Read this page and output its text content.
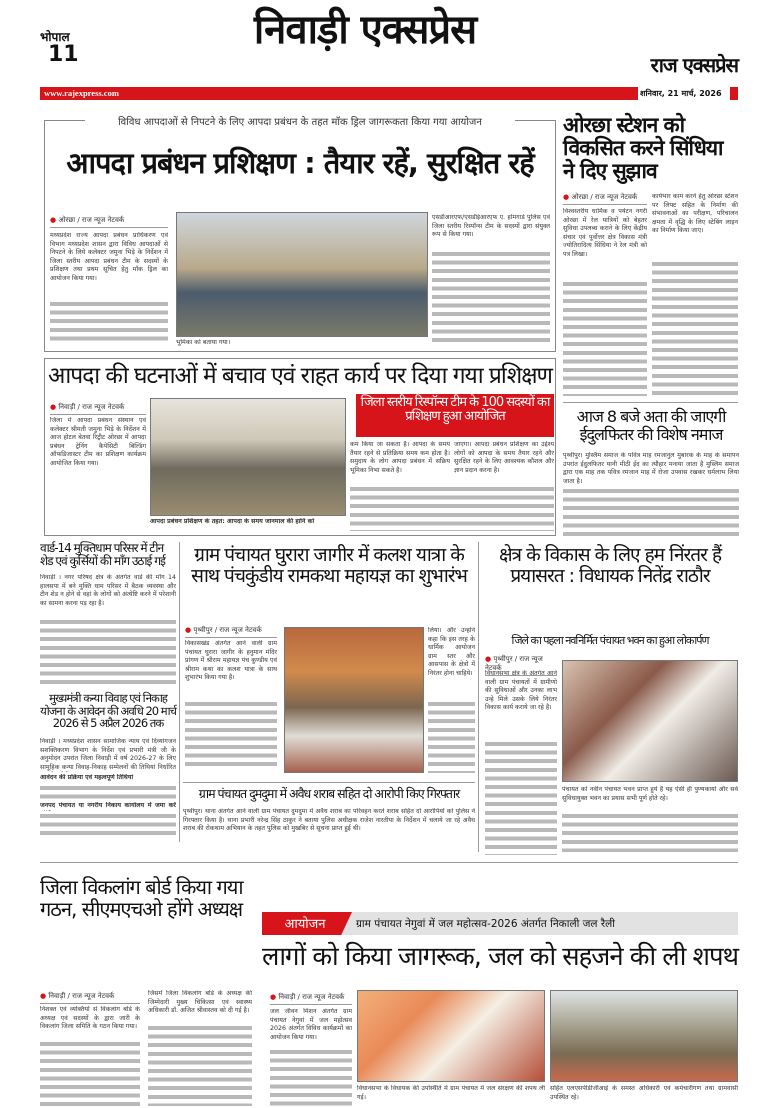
भोपाल
11
निवाड़ी एक्सप्रेस
राज एक्सप्रेस
www.rajexpress.com	शनिवार, 21 मार्च, 2026
विविध आपदाओं से निपटने के लिए आपदा प्रबंधन के तहत मॉक ड्रिल जागरूकता किया गया आयोजन
आपदा प्रबंधन प्रशिक्षण : तैयार रहें, सुरक्षित रहें
● ओरछा / राज न्यूज नेटवर्क
मध्यप्रदेश राज्य आपदा प्रबंधन प्राधिकरण एवं विभाग मध्यप्रदेश शासन द्वारा विविध आपदाओं से निपटने के लिये कलेक्टर जमुना भिड़े के निर्देशन में जिला स्तरीय आपदा प्रबंधन टीम के सदस्यों के प्रशिक्षण तथा प्रथम सूचित हेतु मॉक ड्रिल का आयोजन किया गया।
भूमिका को बताया गया।
एसडीआरएफ/एसडीईआरएफ ए. होमगार्ड पुलिस एवं जिला स्तरीय रिस्पॉन्स टीम के सदस्यों द्वारा संयुक्त रूप से किया गया।
ओरछा स्टेशन को विकसित करने सिंधिया ने दिए सुझाव
● ओरछा / राज न्यूज नेटवर्क
विश्वस्तरीय धार्मिक व पर्यटन नगरी ओरछा में रेल यात्रियों को बेहतर सुविधा उपलब्ध कराने के लिए केंद्रीय संचार एवं पूर्वोत्तर क्षेत्र विकास मंत्री ज्योतिरादित्य सिंधिया ने रेल मंत्री को पत्र लिखा।
कार्यभार काम करने हेतु ओरछा स्टेशन पर लिफ्ट सहित के निर्माण की संभावनाओं का परीक्षण, परिचालन क्षमता में वृद्धि के लिए स्टेबिंग लाइन का निर्माण किया जाए।
आज 8 बजे अता की जाएगी ईदुलफितर की विशेष नमाज
पृथ्वीपुर। मुस्लिम समाज के पवित्र माह रमजानुल मुबारक के माह के समापन उपरांत ईदुलफितर यानी मीठी ईद का त्यौहार मनाया जाता है मुस्लिम समाज द्वारा एक माह तक पवित्र रमजान माह में रोजा उपवास रखकर धर्मलाभ लिया जाता है।
आपदा की घटनाओं में बचाव एवं राहत कार्य पर दिया गया प्रशिक्षण
● निवाड़ी / राज न्यूज नेटवर्क
जिला में आपदा प्रबंधन संस्थान एवं कलेक्टर श्रीमती जमुना भिड़े के निर्देशन में आज होटल बेतवा रिट्रीट ओरछा में आपदा प्रबंधन ट्रेनिंग कैपेसिटी बिल्डिंग ऑफडिजास्टर टीम का प्रशिक्षण कार्यक्रम आयोजित किया गया।
आपदा प्रबंधन प्रशिक्षण के तहत: आपदा के समय जानमाल की हानि को
जिला स्तरीय रिस्पॉन्स टीम के 100 सदस्यों का प्रशिक्षण हुआ आयोजित
कम किया जा सकता है। आपदा के समय तैयार रहने से प्रतिक्रिया समय कम होता है। समुदाय के लोग आपदा प्रबंधन में सक्रिय भूमिका निभा सकते है।
जाएगा। आपदा प्रबंधन प्रशिक्षण का उद्देश्य लोगों को आपदा के समय तैयार रहने और सुरक्षित रहने के लिए आवश्यक कौशल और ज्ञान प्रदान करना है।
वार्ड-14 मुक्तिधाम परिसर में टीन शेड एवं कुर्सियों की माँग उठाई गई
निवाड़ी । नगर परिषद क्षेत्र के अंतर्गत वार्ड की माँग 14 हालसपा में बने मुक्ति धाम परिसर में बैठक व्यवस्था और टीन शेड न होने से वहां के लोगों को अंत्येष्टि करने में परेशानी का सामना करना पड़ रहा है।
मुख्यमंत्री कन्या विवाह एवं निकाह योजना के आवेदन की अवधि 20 मार्च 2026 से 5 अप्रैल 2026 तक
निवाड़ी । मध्यप्रदेश शासन सामाजिक न्याय एवं दिव्यांगजन सशक्तिकरण विभाग के निर्देश एवं प्रभारी मंत्री जी के अनुमोदन उपरांत जिला निवाड़ी में वर्ष 2026-27 के लिए सामूहिक कन्या विवाह-निकाह सम्मेलनों की तिथियां निर्धारित
आवेदन की प्रक्रिया एवं महत्वपूर्ण तिथियां
जनपद पंचायत या नगरीय निकाय कार्यालय में जमा करें
ग्राम पंचायत घुरारा जागीर में कलश यात्रा के साथ पंचकुंडीय रामकथा महायज्ञ का शुभारंभ
● पृथ्वीपुर / राज न्यूज नेटवर्क
विकासखंड अंतर्गत आने वाली ग्राम पंचायत घुरारा जागीर के हनुमान मंदिर प्रांगण में श्रीराम महायज्ञ पंच कुण्डीय एवं श्रीराम कथा का कलश यात्रा के साथ शुभारंभ किया गया है।
लिया। और उन्होंने कहा कि इस तरह के धार्मिक आयोजन ग्राम स्तर और आसपास के क्षेत्रो में निरंतर होना चाहिये।
ग्राम पंचायत दुमदुमा में अवैध शराब सहित दो आरोपी किए गिरफ्तार
पृथ्वीपुर। थाना अंतर्गत आने वाली ग्राम पंचायत दुमदुमा में अवैध शराब का परिवहन करते शराब सहित दो आरोपियों को पुलिस ने गिरफ्तार किया है। थाना प्रभारी नरेन्द्र सिंह ठाकुर ने बताया पुलिस अधीक्षक राजेश नारतीया के निर्देशन में चलाये जा रहे अवैध शराब की रोकथाम अभियान के तहत पुलिस को मुखबिर से सूचना प्राप्त हुई थी।
क्षेत्र के विकास के लिए हम निंरतर हैं प्रयासरत : विधायक नितेंद्र राठौर
जिले का पहला नवनिर्मित पंचायत भवन का हुआ लोकार्पण
● पृथ्वीपुर / राज न्यूज नेटवर्क
विधानसभा क्षेत्र के अंतर्गत आने वाली ग्राम पंचायतों में ग्रामीणो की सुविधाओं और उनका लाभ उन्हे मिले उसके लिये निरंतर विकास कार्य कराये जा रहे है।
पंचायत को नवीन पंचायत भवन प्राप्त हुये हैं यह ऐसी ही पुण्यकार्यो और सर्व सुविधायुक्त भवन का प्रयास सभी पूर्ण होते रहे।
जिला विकलांग बोर्ड किया गया गठन, सीएमएचओ होंगे अध्यक्ष
● निवाड़ी / राज न्यूज नेटवर्क
निशक्त एवं व्यक्तियों से विकलांग बोर्ड के अध्यक्ष एवं सदस्यों के द्वारा जारी के विकलांग जिला समिति के गठन किया गया।
जिसमें जिला विकलांग बोर्ड के अध्यक्ष की जिम्मेदारी मुख्य चिकित्सा एवं स्वास्थ्य अधिकारी डॉ. अजित श्रीवास्तव को दी गई है।
आयोजन	ग्राम पंचायत नेगुवां में जल महोत्सव-2026 अंतर्गत निकाली जल रैली
लागों को किया जागरूक, जल को सहजने की ली शपथ
● निवाड़ी / राज न्यूज नेटवर्क
जल जीवन मिशन अंतर्गत ग्राम पंचायत नेगुवां में जल महोत्सव 2026 अंतर्गत विविध कार्यक्रमों का आयोजन किया गया।
विधानसभा के विधायक की उपस्थिति में ग्राम पंचायत में जल संरक्षण की शपथ ली गई।
सहित एलएसपीडीजीआई के समस्त अधिकारी एवं कर्मचारीगण तथा ग्रामवासी उपस्थित रहे।
